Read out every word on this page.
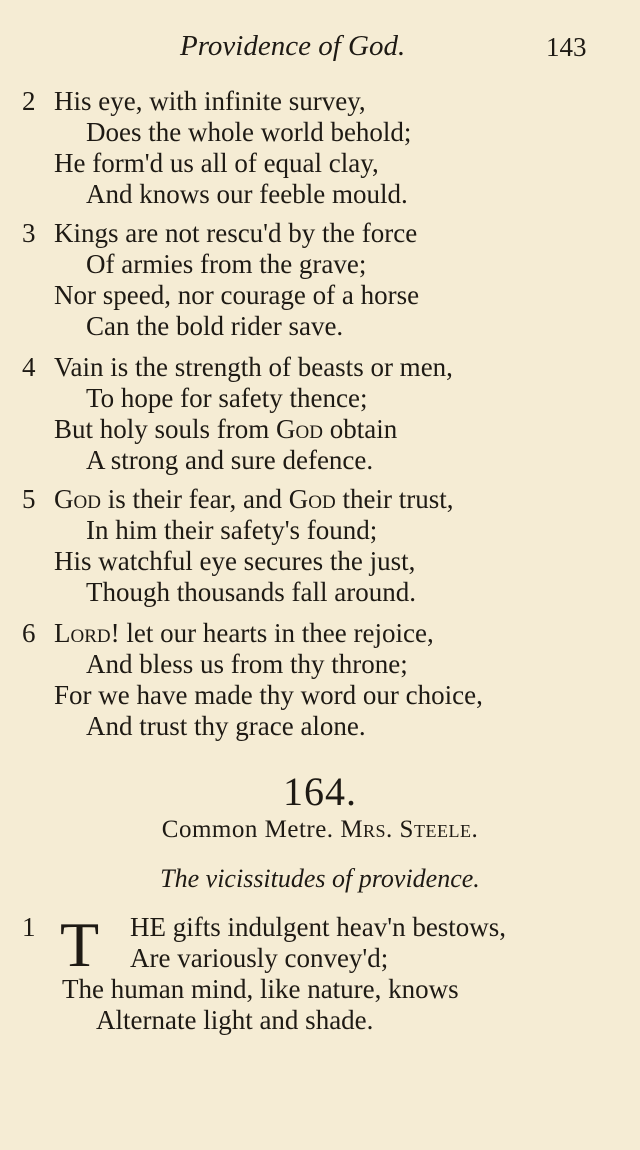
Providence of God.	143
2 His eye, with infinite survey,
Does the whole world behold;
He form'd us all of equal clay,
And knows our feeble mould.
3 Kings are not rescu'd by the force
Of armies from the grave;
Nor speed, nor courage of a horse
Can the bold rider save.
4 Vain is the strength of beasts or men,
To hope for safety thence;
But holy souls from God obtain
A strong and sure defence.
5 God is their fear, and God their trust,
In him their safety's found;
His watchful eye secures the just,
Though thousands fall around.
6 Lord! let our hearts in thee rejoice,
And bless us from thy throne;
For we have made thy word our choice,
And trust thy grace alone.
164.
Common Metre. Mrs. Steele.
The vicissitudes of providence.
1	HE gifts indulgent heav'n bestows,
Are variously convey'd;
The human mind, like nature, knows
Alternate light and shade.
T
